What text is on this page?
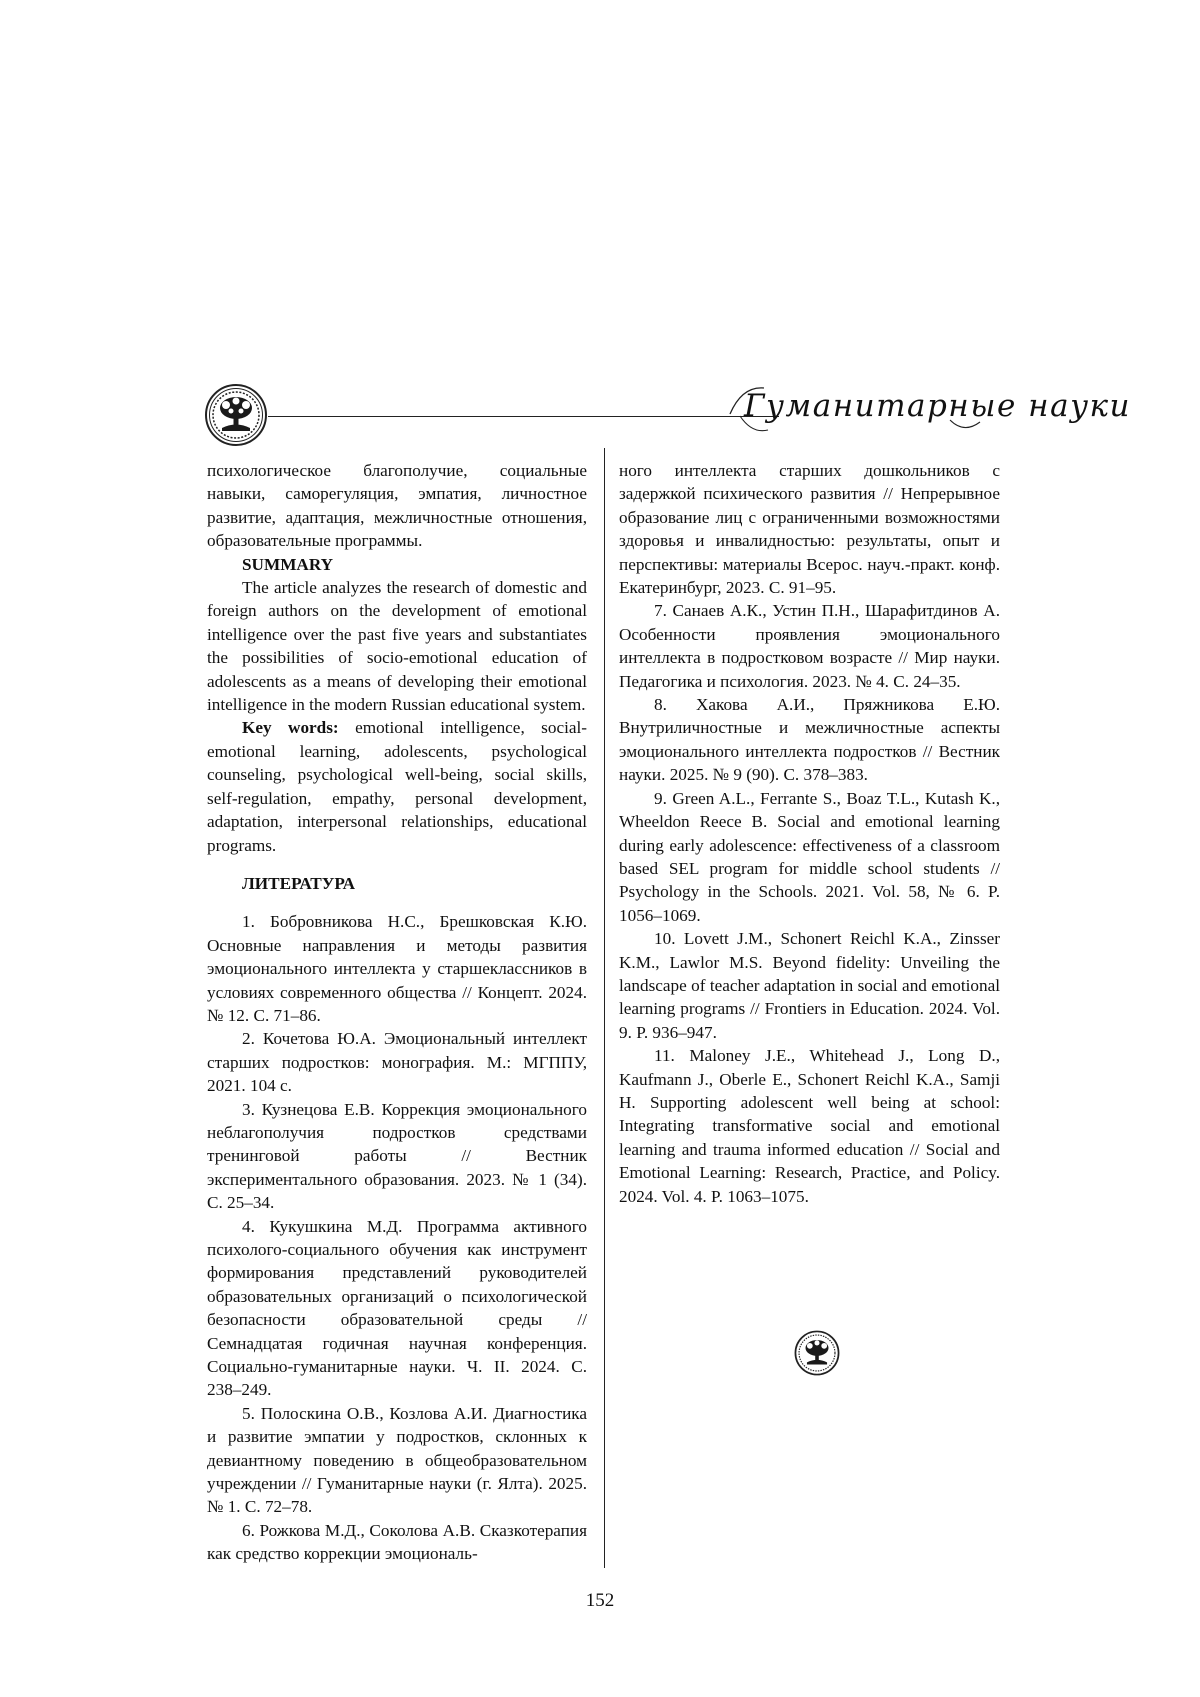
Гуманитарные науки

психологическое благополучие, социальные навыки, саморегуляция, эмпатия, личностное развитие, адаптация, межличностные отношения, образовательные программы.

SUMMARY

The article analyzes the research of domestic and foreign authors on the development of emotional intelligence over the past five years and substantiates the possibilities of socio-emotional education of adolescents as a means of developing their emotional intelligence in the modern Russian educational system.

Key words: emotional intelligence, social-emotional learning, adolescents, psychological counseling, psychological well-being, social skills, self-regulation, empathy, personal development, adaptation, interpersonal relationships, educational programs.

ЛИТЕРАТУРА

1. Бобровникова Н.С., Брешковская К.Ю. Основные направления и методы развития эмоционального интеллекта у старшеклассников в условиях современного общества // Концепт. 2024. № 12. С. 71–86.

2. Кочетова Ю.А. Эмоциональный интеллект старших подростков: монография. М.: МГППУ, 2021. 104 с.

3. Кузнецова Е.В. Коррекция эмоционального неблагополучия подростков средствами тренинговой работы // Вестник экспериментального образования. 2023. № 1 (34). С. 25–34.

4. Кукушкина М.Д. Программа активного психолого-социального обучения как инструмент формирования представлений руководителей образовательных организаций о психологической безопасности образовательной среды // Семнадцатая годичная научная конференция. Социально-гуманитарные науки. Ч. II. 2024. С. 238–249.

5. Полоскина О.В., Козлова А.И. Диагностика и развитие эмпатии у подростков, склонных к девиантному поведению в общеобразовательном учреждении // Гуманитарные науки (г. Ялта). 2025. № 1. С. 72–78.

6. Рожкова М.Д., Соколова А.В. Сказкотерапия как средство коррекции эмоциональ-

ного интеллекта старших дошкольников с задержкой психического развития // Непрерывное образование лиц с ограниченными возможностями здоровья и инвалидностью: результаты, опыт и перспективы: материалы Всерос. науч.-практ. конф. Екатеринбург, 2023. С. 91–95.

7. Санаев А.К., Устин П.Н., Шарафитдинов А. Особенности проявления эмоционального интеллекта в подростковом возрасте // Мир науки. Педагогика и психология. 2023. № 4. С. 24–35.

8. Хакова А.И., Пряжникова Е.Ю. Внутриличностные и межличностные аспекты эмоционального интеллекта подростков // Вестник науки. 2025. № 9 (90). С. 378–383.

9. Green A.L., Ferrante S., Boaz T.L., Kutash K., Wheeldon Reece B. Social and emotional learning during early adolescence: effectiveness of a classroom based SEL program for middle school students // Psychology in the Schools. 2021. Vol. 58, № 6. P. 1056–1069.

10. Lovett J.M., Schonert Reichl K.A., Zinsser K.M., Lawlor M.S. Beyond fidelity: Unveiling the landscape of teacher adaptation in social and emotional learning programs // Frontiers in Education. 2024. Vol. 9. P. 936–947.

11. Maloney J.E., Whitehead J., Long D., Kaufmann J., Oberle E., Schonert Reichl K.A., Samji H. Supporting adolescent well being at school: Integrating transformative social and emotional learning and trauma informed education // Social and Emotional Learning: Research, Practice, and Policy. 2024. Vol. 4. P. 1063–1075.

152
